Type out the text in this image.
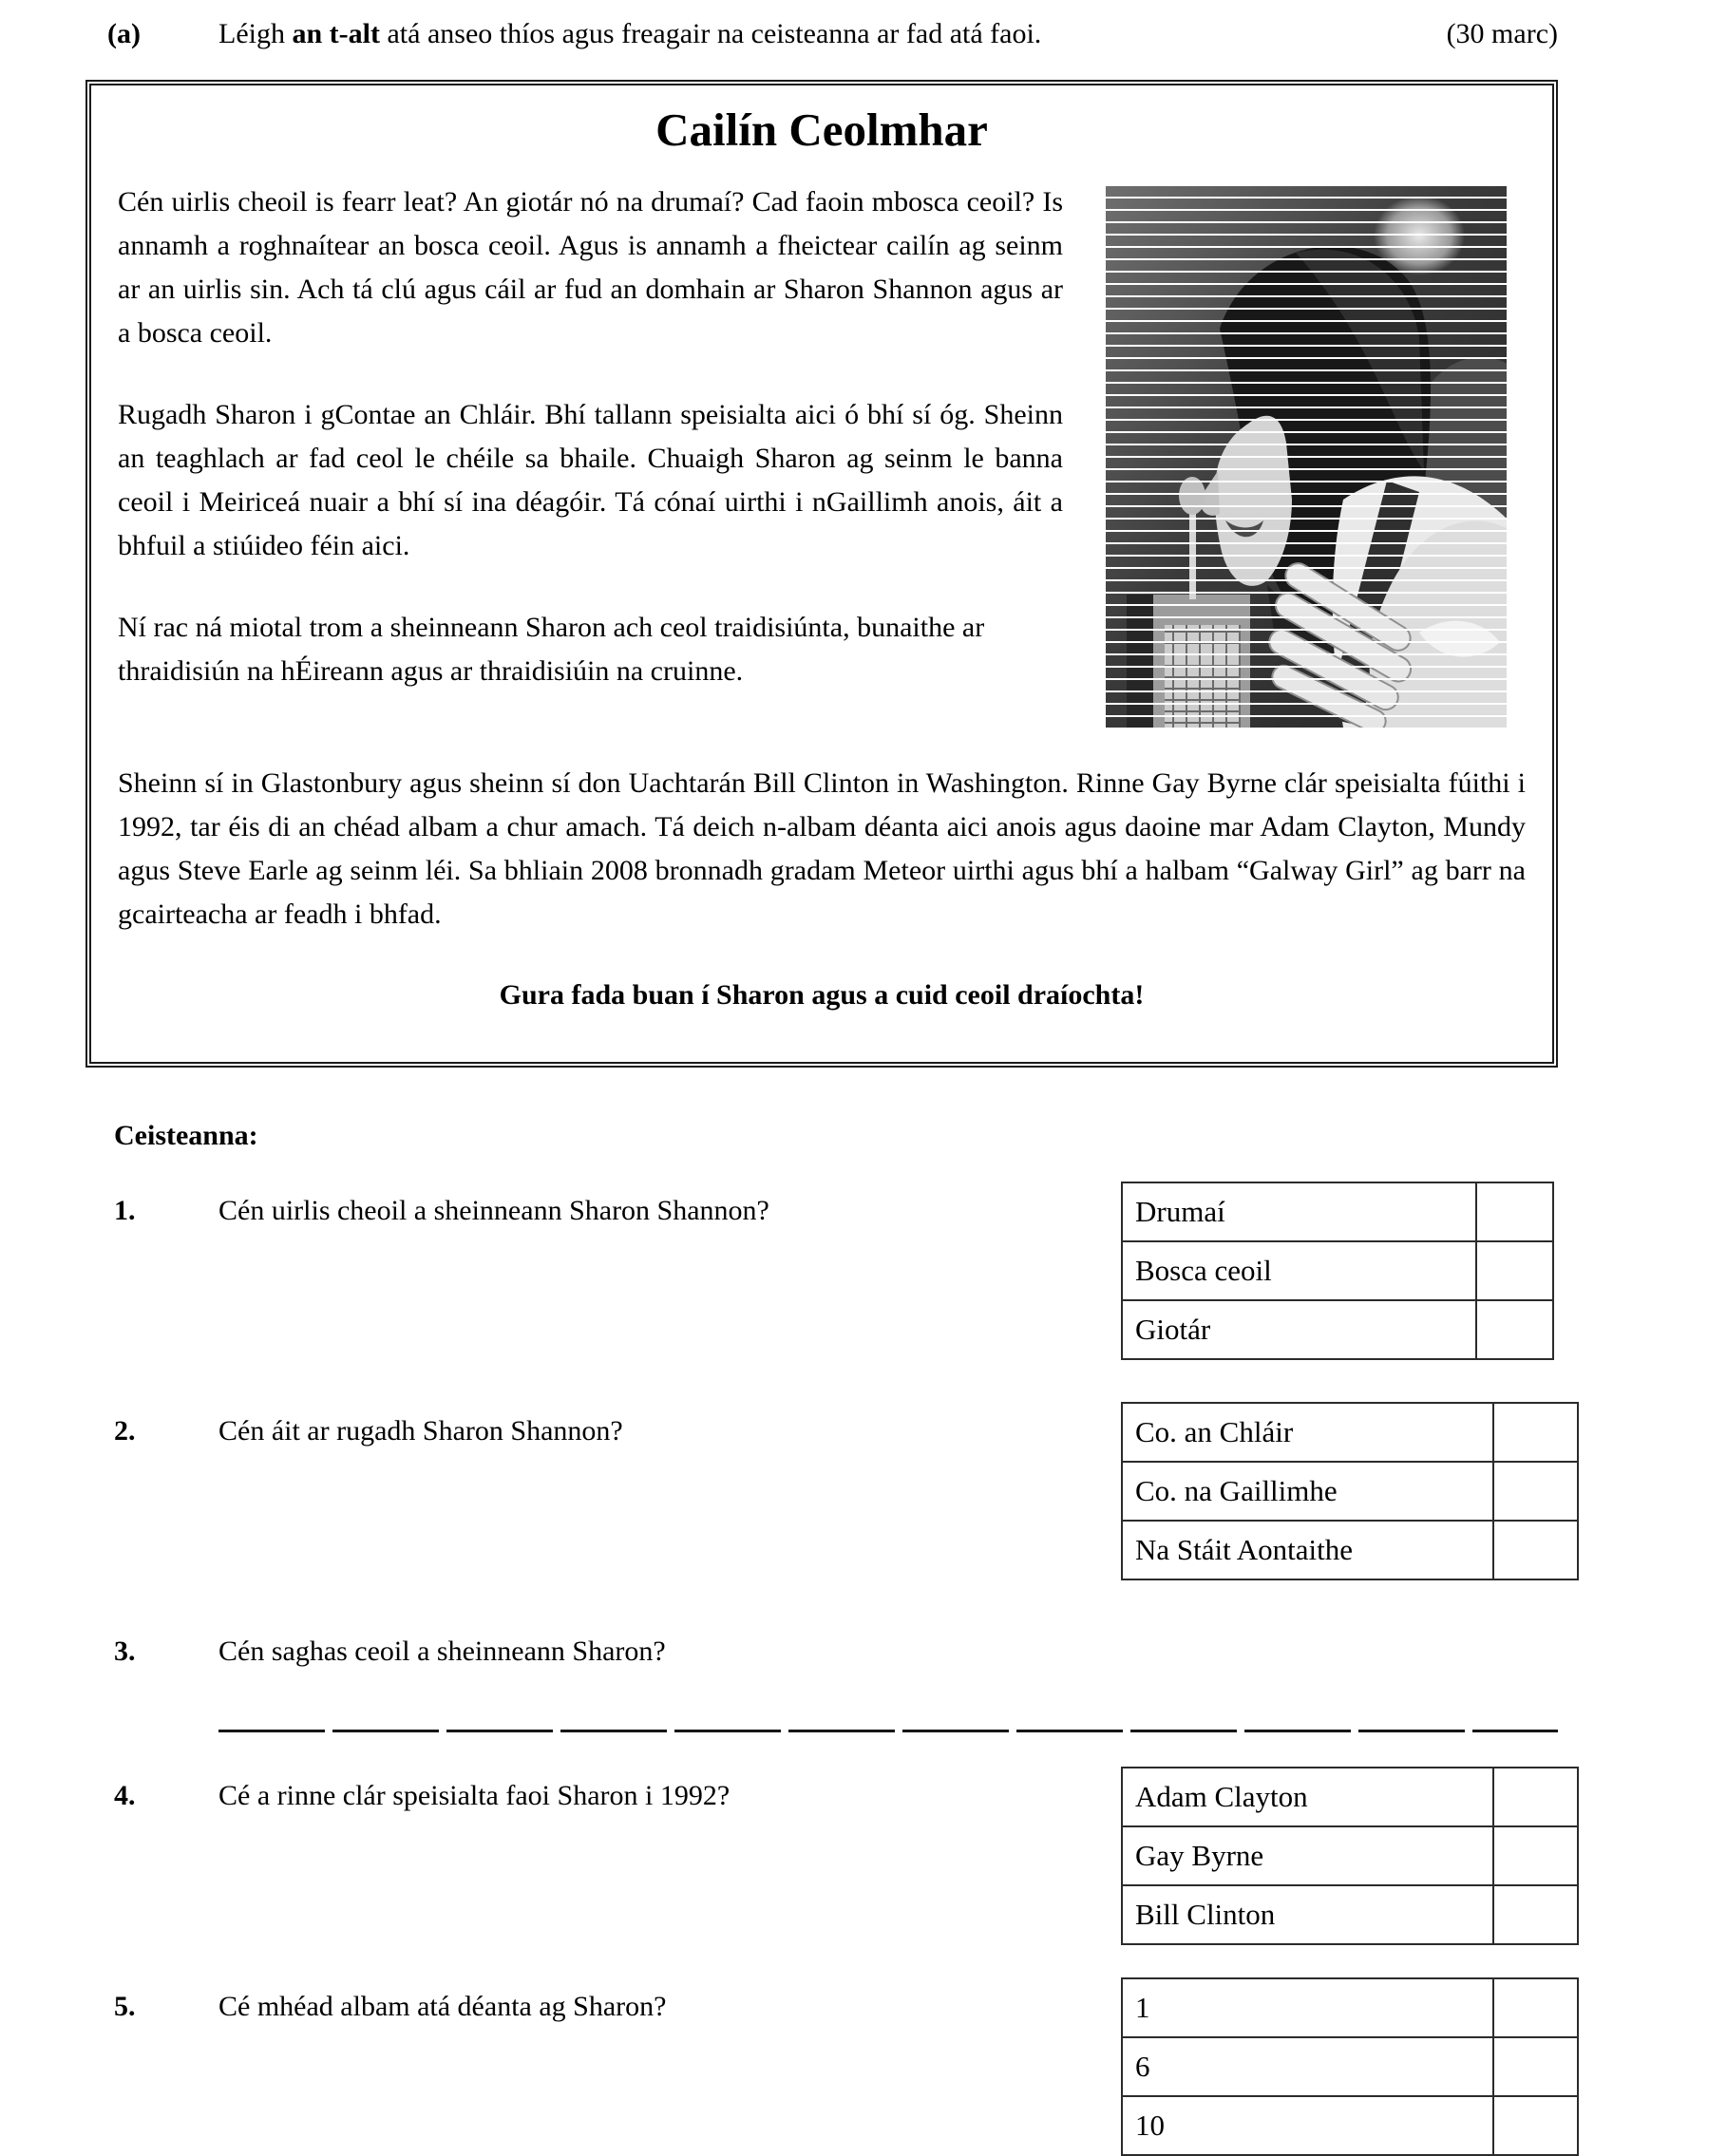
(a)	Léigh an t-alt atá anseo thíos agus freagair na ceisteanna ar fad atá faoi.	(30 marc)
Cailín Ceolmhar

Cén uirlis cheoil is fearr leat? An giotár nó na drumaí? Cad faoin mbosca ceoil? Is annamh a roghnaítear an bosca ceoil. Agus is annamh a fheictear cailín ag seinm ar an uirlis sin. Ach tá clú agus cáil ar fud an domhain ar Sharon Shannon agus ar a bosca ceoil.

Rugadh Sharon i gContae an Chláir. Bhí tallann speisialta aici ó bhí sí óg. Sheinn an teaghlach ar fad ceol le chéile sa bhaile. Chuaigh Sharon ag seinm le banna ceoil i Meiriceá nuair a bhí sí ina déagóir. Tá cónaí uirthi i nGaillimh anois, áit a bhfuil a stiúideo féin aici.

Ní rac ná miotal trom a sheinneann Sharon ach ceol traidisiúnta, bunaithe ar thraidisiún na hÉireann agus ar thraidisiúin na cruinne.

Sheinn sí in Glastonbury agus sheinn sí don Uachtarán Bill Clinton in Washington. Rinne Gay Byrne clár speisialta fúithi i 1992, tar éis di an chéad albam a chur amach. Tá deich n-albam déanta aici anois agus daoine mar Adam Clayton, Mundy agus Steve Earle ag seinm léi. Sa bhliain 2008 bronnadh gradam Meteor uirthi agus bhí a halbam “Galway Girl” ag barr na gcairteacha ar feadh i bhfad.

Gura fada buan í Sharon agus a cuid ceoil draíochta!
Ceisteanna:
1.	Cén uirlis cheoil a sheinneann Sharon Shannon?	Drumaí	
Bosca ceoil	
Giotár	
2.	Cén áit ar rugadh Sharon Shannon?	Co. an Chláir	
Co. na Gaillimhe	
Na Stáit Aontaithe	
3.	Cén saghas ceoil a sheinneann Sharon?
4.	Cé a rinne clár speisialta faoi Sharon i 1992?	Adam Clayton	
Gay Byrne	
Bill Clinton	
5.	Cé mhéad albam atá déanta ag Sharon?	1	
6	
10	
